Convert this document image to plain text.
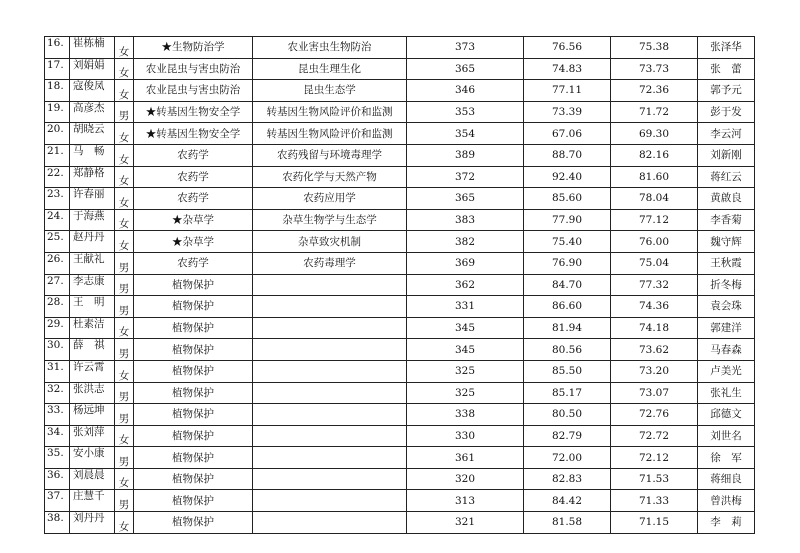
16.	崔栋楠	女	★生物防治学	农业害虫生物防治	373	76.56	75.38	张泽华
17.	刘娟娟	女	农业昆虫与害虫防治	昆虫生理生化	365	74.83	73.73	张　蕾
18.	寇俊凤	女	农业昆虫与害虫防治	昆虫生态学	346	77.11	72.36	郭予元
19.	高彦杰	男	★转基因生物安全学	转基因生物风险评价和监测	353	73.39	71.72	彭于发
20.	胡晓云	女	★转基因生物安全学	转基因生物风险评价和监测	354	67.06	69.30	李云河
21.	马　畅	女	农药学	农药残留与环境毒理学	389	88.70	82.16	刘新刚
22.	郑静格	女	农药学	农药化学与天然产物	372	92.40	81.60	蒋红云
23.	许春丽	女	农药学	农药应用学	365	85.60	78.04	黄啟良
24.	于海燕	女	★杂草学	杂草生物学与生态学	383	77.90	77.12	李香菊
25.	赵丹丹	女	★杂草学	杂草致灾机制	382	75.40	76.00	魏守辉
26.	王献礼	男	农药学	农药毒理学	369	76.90	75.04	王秋霞
27.	李志康	男	植物保护		362	84.70	77.32	折冬梅
28.	王　明	男	植物保护		331	86.60	74.36	袁会珠
29.	杜素洁	女	植物保护		345	81.94	74.18	郭建洋
30.	薛　祺	男	植物保护		345	80.56	73.62	马春森
31.	许云霄	女	植物保护		325	85.50	73.20	卢美光
32.	张洪志	男	植物保护		325	85.17	73.07	张礼生
33.	杨远坤	男	植物保护		338	80.50	72.76	邱德文
34.	张刘萍	女	植物保护		330	82.79	72.72	刘世名
35.	安小康	男	植物保护		361	72.00	72.12	徐　军
36.	刘晨晨	女	植物保护		320	82.83	71.53	蒋细良
37.	庄慧千	男	植物保护		313	84.42	71.33	曾洪梅
38.	刘丹丹	女	植物保护		321	81.58	71.15	李　莉
